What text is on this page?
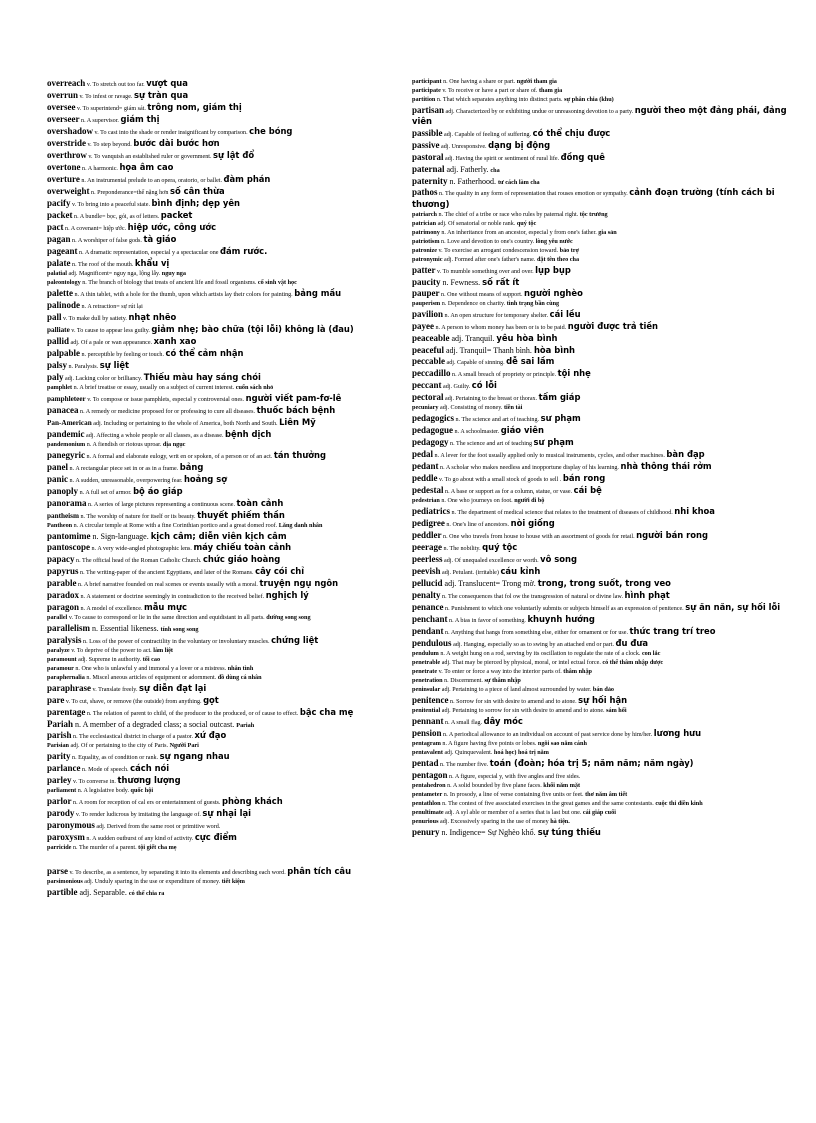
overreach v. To stretch out too far. vượt qua

overrun v. To infest or ravage. sự tràn qua

oversee v. To superintend= giám sát. trông nom, giám thị

overseer n. A supervisor. giám thị

overshadow v. To cast into the shade or render insignificant by comparison. che bóng

overstride v. To step beyond. bước dài bước hơn

overthrow v. To vanquish an established ruler or government. sự lật đổ

overtone n. A harmonic. họa âm cao

overture n. An instrumental prelude to an opera, oratorio, or ballet. đàm phán

overweight n. Preponderance=thế nặng hơn số cân thừa

pacify v. To bring into a peaceful state. bình định; dẹp yên

packet n. A bundle= bọc, gói, as of letters. packet

pact n. A covenant= hiệp ước. hiệp ước, công ước

pagan n. A worshiper of false gods. tà giáo

pageant n. A dramatic representation, especial y a spectacular one đám rước.

palate n. The roof of the mouth. khẩu vị

palatial adj. Magnificent= nguy nga, lộng lẫy. nguy nga

paleontology n. The branch of biology that treats of ancient life and fossil organisms. cổ sinh vật học

palette n. A thin tablet, with a hole for the thumb, upon which artists lay their colors for painting. bảng mầu

palinode n. A retraction= sự rút lại

pall v. To make dull by satiety. nhạt nhẽo

palliate v. To cause to appear less guilty. giảm nhẹ; bào chữa (tội lỗi) không là (đau)

pallid adj. Of a pale or wan appearance. xanh xao

palpable n. perceptible by feeling or touch. có thể cảm nhận

palsy n. Paralysis. sự liệt

paly adj. Lacking color or brilliancy. Thiếu màu hay sáng chói

pamphlet n. A brief treatise or essay, usually on a subject of current interest. cuốn sách nhỏ

pamphleteer v. To compose or issue pamphlets, especial y controversial ones. người viết pam-fơ-lê

panacea n. A remedy or medicine proposed for or professing to cure all diseases. thuốc bách bệnh

Pan-American adj. Including or pertaining to the whole of America, both North and South. Liên Mỹ

pandemic adj. Affecting a whole people or all classes, as a disease. bệnh dịch

pandemonium n. A fiendish or riotous uproar. địa ngục

panegyric n. A formal and elaborate eulogy, writ en or spoken, of a person or of an act. tán thưởng

panel n. A rectangular piece set in or as in a frame. bảng

panic n. A sudden, unreasonable, overpowering fear. hoảng sợ

panoply n. A full set of armor. bộ áo giáp

panorama n. A series of large pictures representing a continuous scene. toàn cảnh

pantheism n. The worship of nature for itself or its beauty. thuyết phiếm thần

Pantheon n. A circular temple at Rome with a fine Corinthian portico and a great domed roof. Lăng danh nhân

pantomime n. Sign-language. kịch câm; diễn viên kịch câm

pantoscope n. A very wide-angled photographic lens. máy chiếu toàn cảnh

papacy n. The official head of the Roman Catholic Church. chức giáo hoàng

papyrus n. The writing-paper of the ancient Egyptians, and later of the Romans. cây cói chỉ

parable n. A brief narrative founded on real scenes or events usually with a moral. truyện ngụ ngôn

paradox n. A statement or doctrine seemingly in contradiction to the received belief. nghịch lý

paragon n. A model of excellence. mẫu mực

parallel v. To cause to correspond or lie in the same direction and equidistant in all parts. đường song song

parallelism n. Essential likeness. tính song song

paralysis n. Loss of the power of contractility in the voluntary or involuntary muscles. chứng liệt

paralyze v. To deprive of the power to act. làm liệt

paramount adj. Supreme in authority. tối cao

paramour n. One who is unlawful y and immoral y a lover or a mistress. nhân tình

paraphernalia n. Miscel aneous articles of equipment or adornment. đồ dùng cá nhân

paraphrase v. Translate freely. sự diễn đạt lại

pare v. To cut, shave, or remove (the outside) from anything. gọt

parentage n. The relation of parent to child, of the producer to the produced, or of cause to effect. bậc cha mẹ

Pariah n. A member of a degraded class; a social outcast. Pariah

parish n. The ecclesiastical district in charge of a pastor. xứ đạo

Parisian adj. Of or pertaining to the city of Paris. Người Pari

parity n. Equality, as of condition or rank. sự ngang nhau

parlance n. Mode of speech. cách nói

parley v. To converse in. thương lượng

parliament n. A legislative body. quốc hội

parlor n. A room for reception of cal ers or entertainment of guests. phòng khách

parody v. To render ludicrous by imitating the language of. sự nhại lại

paronymous adj. Derived from the same root or primitive word.

paroxysm n. A sudden outburst of any kind of activity. cực điểm

parricide n. The murder of a parent. tội giết cha mẹ

parse v. To describe, as a sentence, by separating it into its elements and describing each word. phân tích câu

parsimonious adj. Unduly sparing in the use or expenditure of money. tiết kiệm

partible adj. Separable. có thể chia ra

participant n. One having a share or part. người tham gia

participate v. To receive or have a part or share of. tham gia

partition n. That which separates anything into distinct parts. sự phân chia (khu)

partisan adj. Characterized by or exhibiting undue or unreasoning devotion to a party. người theo một đảng phái, đảng viên

passible adj. Capable of feeling of suffering. có thể chịu được

passive adj. Unresponsive. dạng bị động

pastoral adj. Having the spirit or sentiment of rural life. đồng quê

paternal adj. Fatherly. cha

paternity n. Fatherhood. tư cách làm cha

pathos n. The quality in any form of representation that rouses emotion or sympathy. cảnh đoạn trường (tính cách bi thương)

patriarch n. The chief of a tribe or race who rules by paternal right. tộc trưởng

patrician adj. Of senatorial or noble rank. quý tộc

patrimony n. An inheritance from an ancestor, especial y from one's father. gia sản

patriotism n. Love and devotion to one's country. lòng yêu nước

patronize v. To exercise an arrogant condescension toward. bảo trợ

patronymic adj. Formed after one's father's name. đặt tên theo cha

patter v. To mumble something over and over. lụp bụp

paucity n. Fewness. số rất ít

pauper n. One without means of support. người nghèo

pauperism n. Dependence on charity. tình trạng bần cùng

pavilion n. An open structure for temporary shelter. cái lều

payee n. A person to whom money has been or is to be paid. người được trả tiền

peaceable adj. Tranquil. yêu hòa bình

peaceful adj. Tranquil= Thanh bình. hòa bình

peccable adj. Capable of sinning. dễ sai lầm

peccadillo n. A small breach of propriety or principle. tội nhẹ

peccant adj. Guilty. có lỗi

pectoral adj. Pertaining to the breast or thorax. tấm giáp

pecuniary adj. Consisting of money. tiền tài

pedagogics n. The science and art of teaching. sư phạm

pedagogue n. A schoolmaster. giáo viên

pedagogy n. The science and art of teaching sư phạm

pedal n. A lever for the foot usually applied only to musical instruments, cycles, and other machines. bàn đạp

pedant n. A scholar who makes needless and inopportune display of his learning. nhà thông thái rởm

peddle v. To go about with a small stock of goods to sell . bán rong

pedestal n. A base or support as for a column, statue, or vase. cái bệ

pedestrian n. One who journeys on foot. người đi bộ

pediatrics n. The department of medical science that relates to the treatment of diseases of childhood. nhi khoa

pedigree n. One's line of ancestors. nòi giống

peddler n. One who travels from house to house with an assortment of goods for retail. người bán rong

peerage n. The nobility. quý tộc

peerless adj. Of unequaled excellence or worth. vô song

peevish adj. Petulant. (irritable) cáu kỉnh

pellucid adj. Translucent= Trong mờ. trong, trong suốt, trong veo

penalty n. The consequences that fol ow the transgression of natural or divine law. hình phạt

penance n. Punishment to which one voluntarily submits or subjects himself as an expression of penitence. sự ăn năn, sự hối lỗi

penchant n. A bias in favor of something. khuynh hướng

pendant n. Anything that hangs from something else, either for ornament or for use. thức trang trí treo

pendulous adj. Hanging, especially so as to swing by an attached end or part. đu đưa

pendulum n. A weight hung on a rod, serving by its oscillation to regulate the rate of a clock. con lắc

penetrable adj. That may be pierced by physical, moral, or intel ectual force. có thể thâm nhập được

penetrate v. To enter or force a way into the interior parts of. thâm nhập

penetration n. Discernment. sự thâm nhập

peninsular adj. Pertaining to a piece of land almost surrounded by water. bán đảo

penitence n. Sorrow for sin with desire to amend and to atone. sự hối hận

penitential adj. Pertaining to sorrow for sin with desire to amend and to atone. sám hối

pennant n. A small flag. dây móc

pension n. A periodical allowance to an individual on account of past service done by him/her. lương hưu

pentagram n. A figure having five points or lobes. ngôi sao năm cánh

pentavalent adj. Quinquevalent. hoá học) hoá trị năm

pentad n. The number five. toán (đoàn; hóa trị 5; năm năm; năm ngày)

pentagon n. A figure, especial y, with five angles and five sides.

pentahedron n. A solid bounded by five plane faces. khối năm mặt

pentameter n. In prosody, a line of verse containing five units or feet. thơ năm âm tiết

pentathlon n. The contest of five associated exercises in the great games and the same contestants. cuộc thi điền kinh

penultimate adj. A syl able or member of a series that is last but one. cái giáp cuối

penurious adj. Excessively sparing in the use of money hà tiện.

penury n. Indigence= Sự Nghèo khổ. sự túng thiếu
